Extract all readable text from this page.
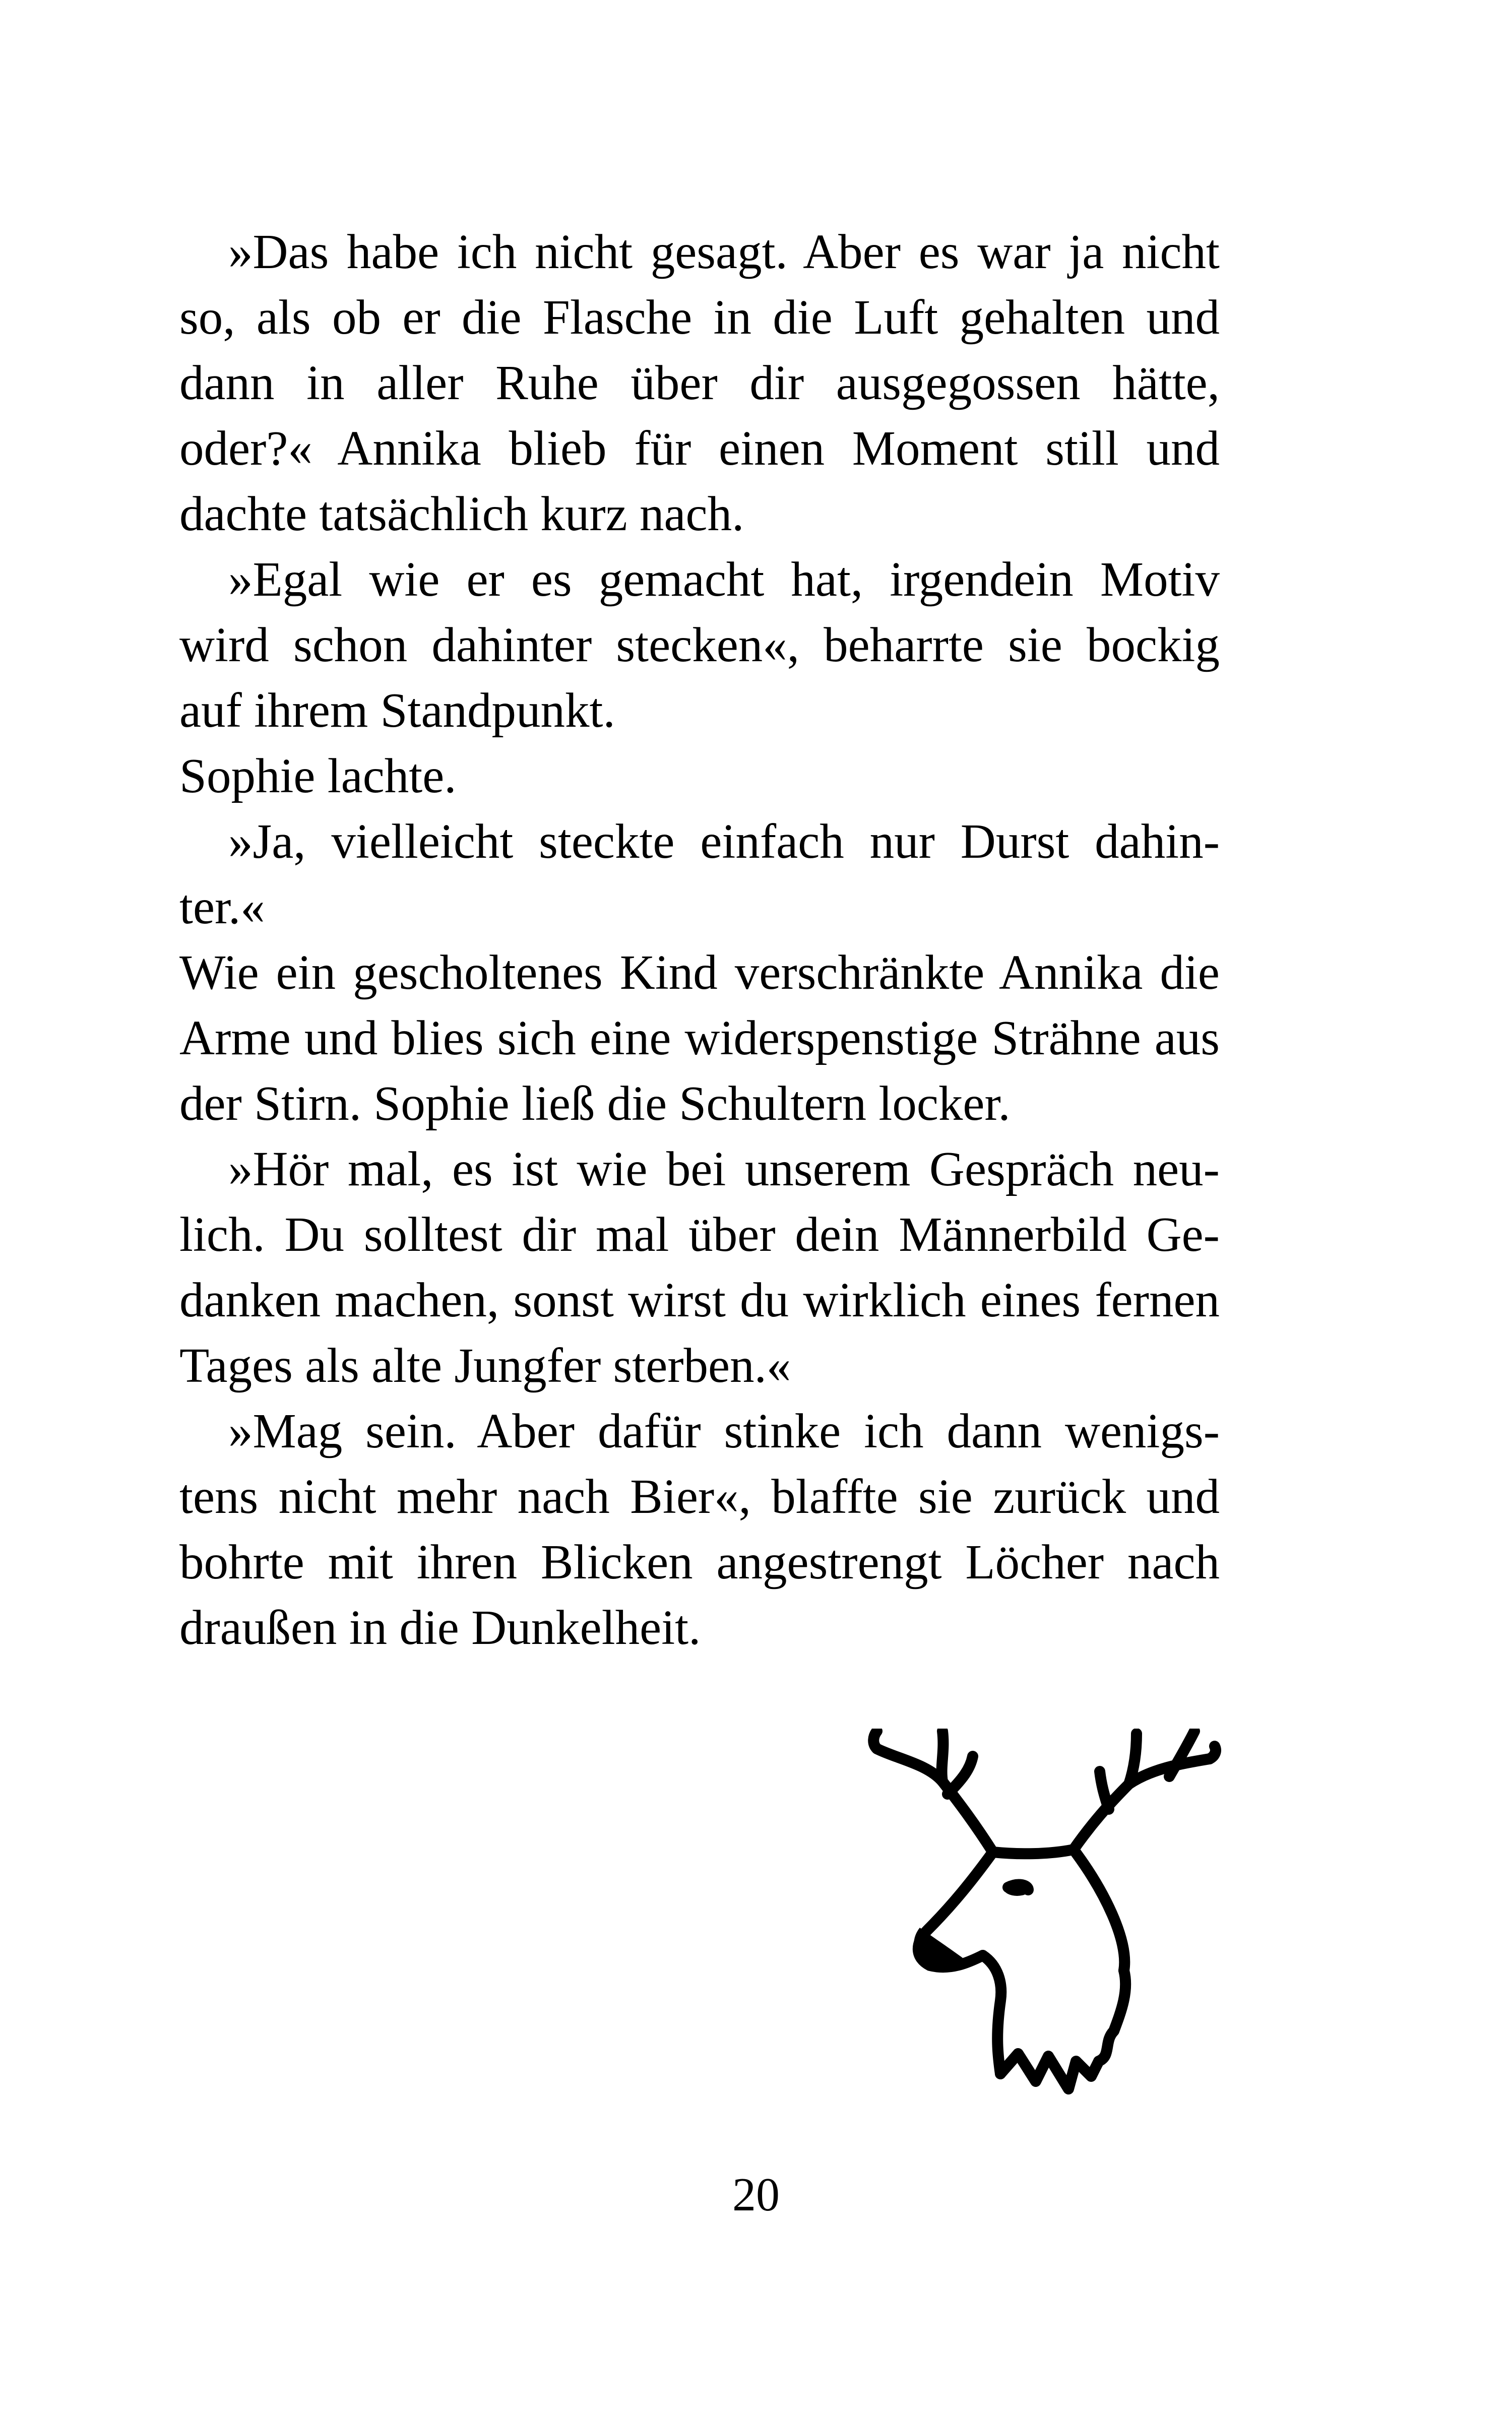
»Das habe ich nicht gesagt. Aber es war ja nicht so, als ob er die Flasche in die Luft gehalten und dann in aller Ruhe über dir ausgegossen hätte, oder?« Annika blieb für einen Moment still und dachte tatsächlich kurz nach.

»Egal wie er es gemacht hat, irgendein Motiv wird schon dahinter stecken«, beharrte sie bockig auf ihrem Standpunkt.

Sophie lachte.

»Ja, vielleicht steckte einfach nur Durst dahin-ter.«

Wie ein gescholtenes Kind verschränkte Annika die Arme und blies sich eine widerspenstige Strähne aus der Stirn. Sophie ließ die Schultern locker.

»Hör mal, es ist wie bei unserem Gespräch neu-lich. Du solltest dir mal über dein Männerbild Ge-danken machen, sonst wirst du wirklich eines fernen Tages als alte Jungfer sterben.«

»Mag sein. Aber dafür stinke ich dann wenigs-tens nicht mehr nach Bier«, blaffte sie zurück und bohrte mit ihren Blicken angestrengt Löcher nach draußen in die Dunkelheit.

20
